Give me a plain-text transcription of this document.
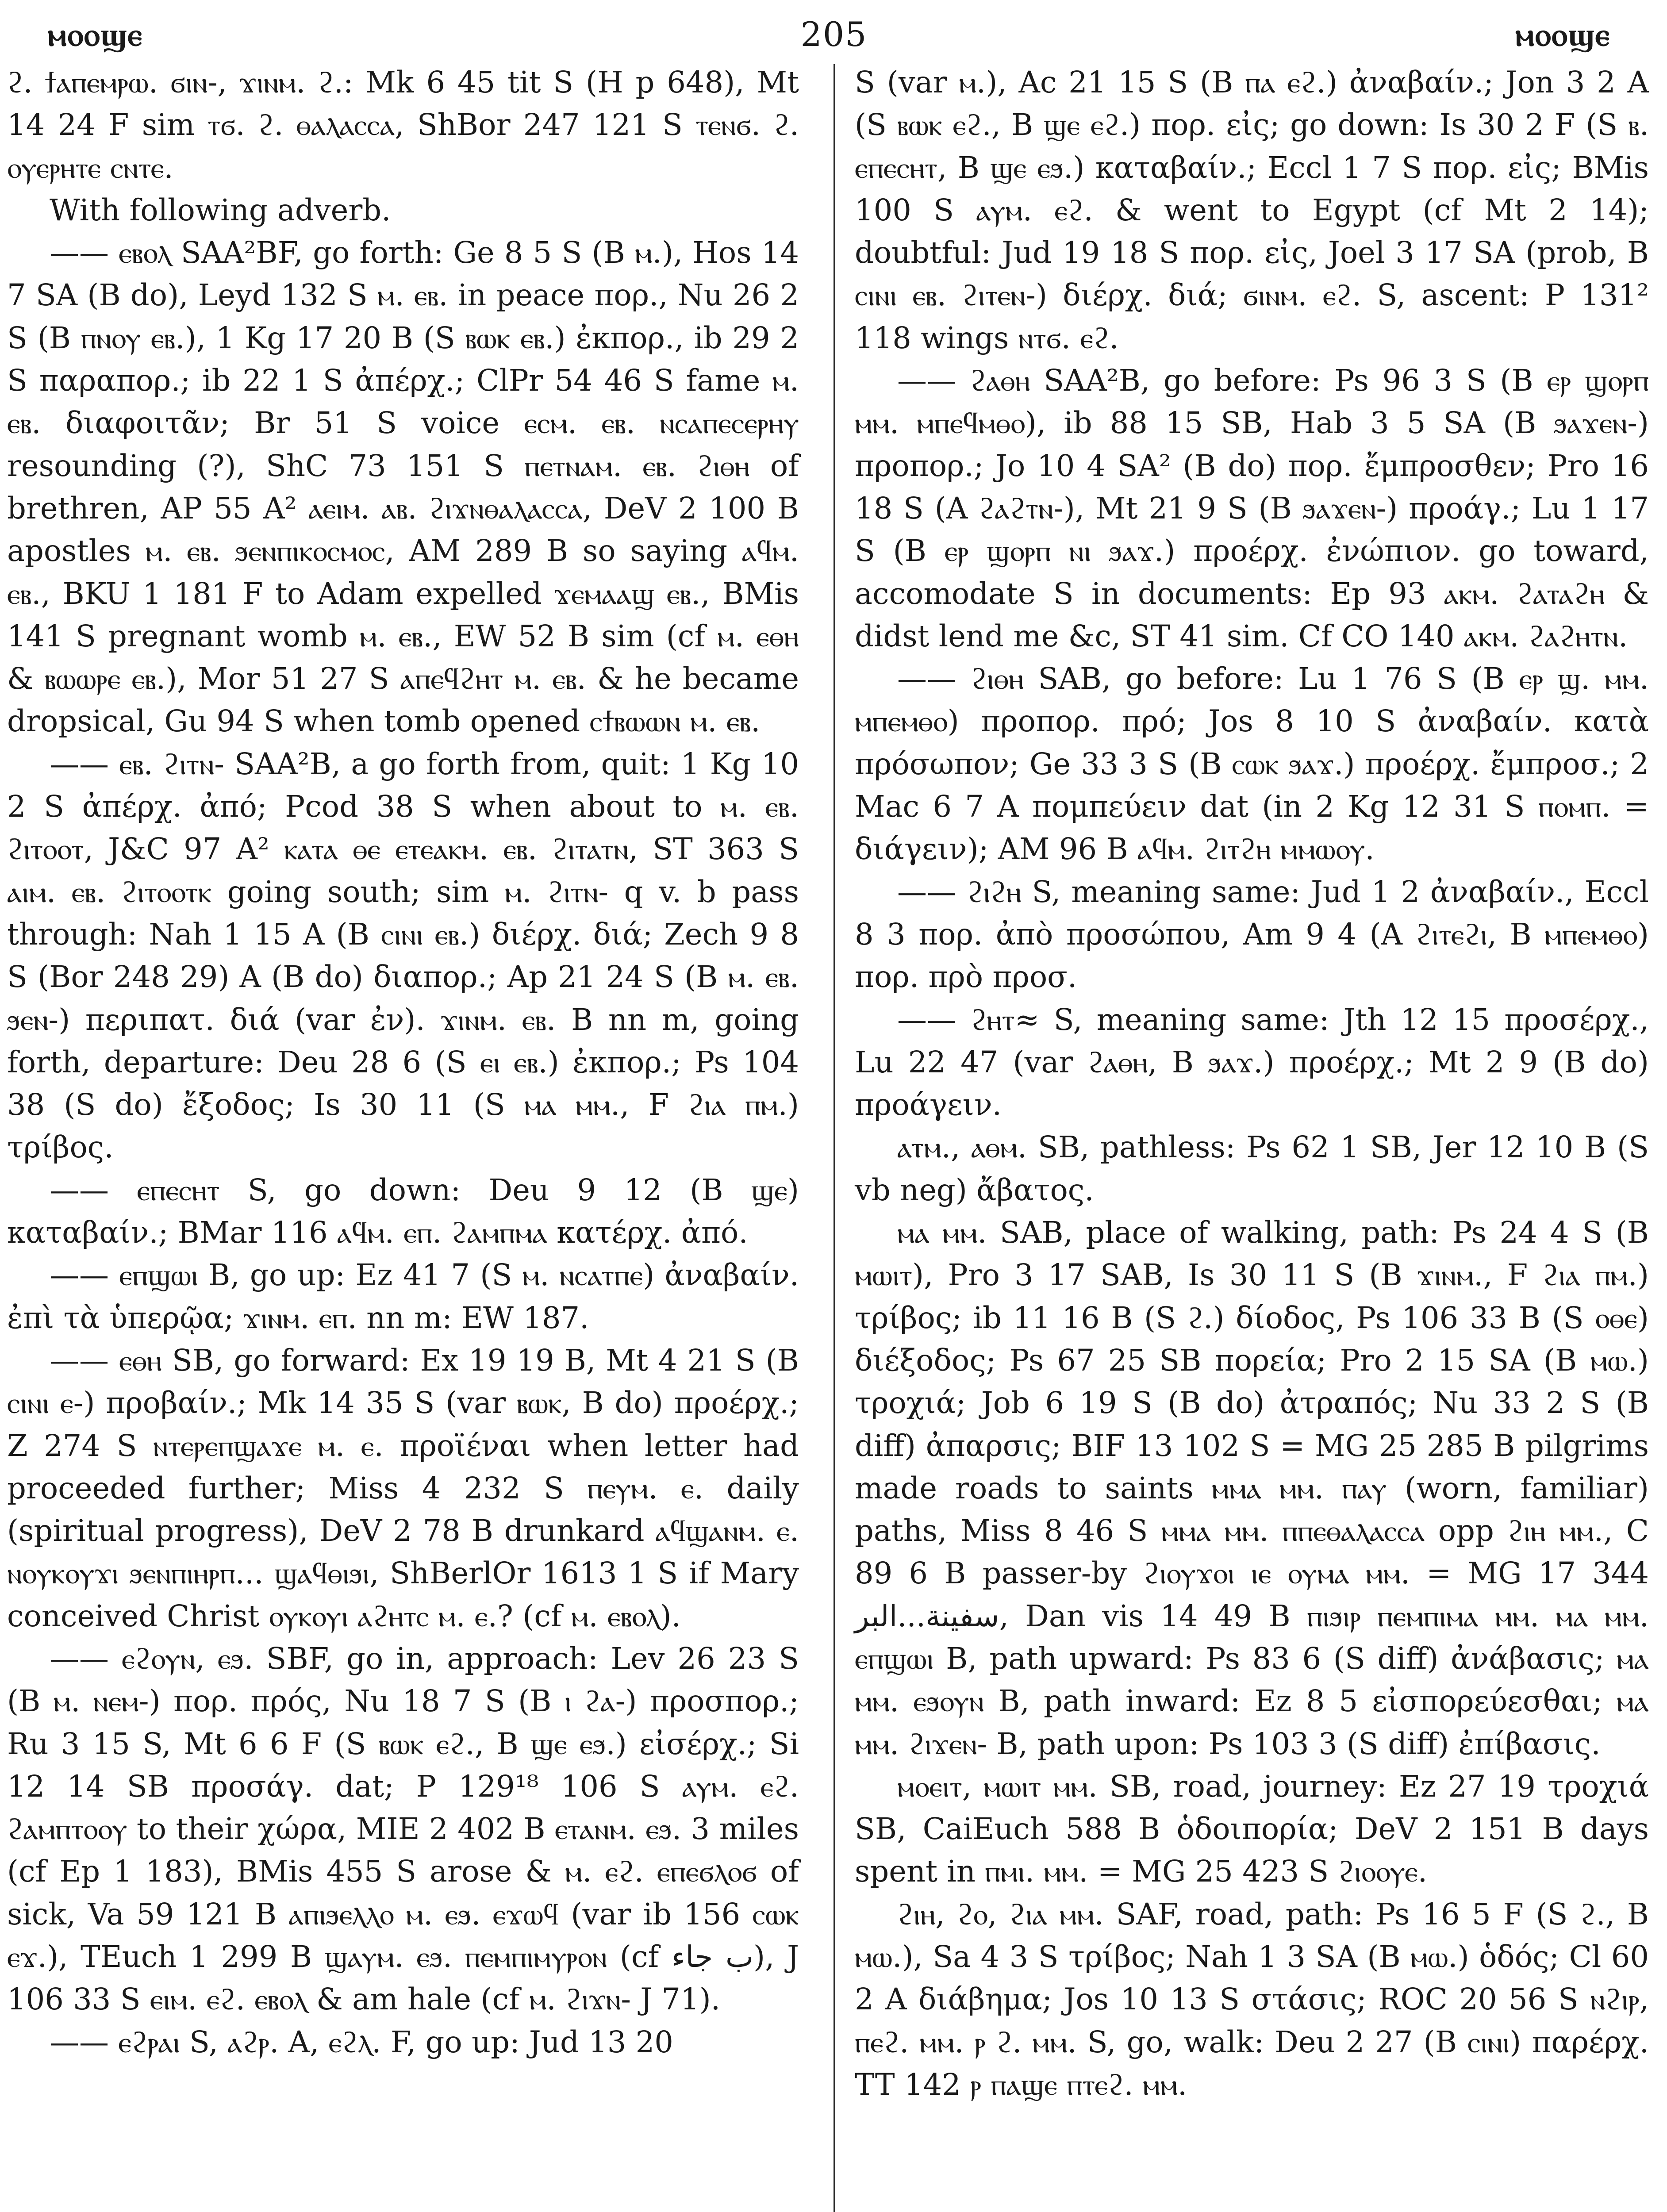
ⲙⲟⲟϣⲉ	205	ⲙⲟⲟϣⲉ

ϩ. ϯⲁⲡⲉⲙⲣⲱ. ϭⲓⲛ-, ϫⲓⲛⲙ. ϩ.: Mk 6 45 tit S (H p 648), Mt 14 24 F sim ⲧϭ. ϩ. ⲑⲁⲗⲁⲥⲥⲁ, ShBor 247 121 S ⲧⲉⲛϭ. ϩ. ⲟⲩⲉⲣⲏⲧⲉ ⲥⲛⲧⲉ.

With following adverb.

—— ⲉⲃⲟⲗ SAA²BF, go forth: Ge 8 5 S (B ⲙ.), Hos 14 7 SA (B do), Leyd 132 S ⲙ. ⲉⲃ. in peace πορ., Nu 26 2 S (B ⲡⲛⲟⲩ ⲉⲃ.), 1 Kg 17 20 B (S ⲃⲱⲕ ⲉⲃ.) ἐκπορ., ib 29 2 S παραπορ.; ib 22 1 S ἀπέρχ.; ClPr 54 46 S fame ⲙ. ⲉⲃ. διαφοιτᾶν; Br 51 S voice ⲉⲥⲙ. ⲉⲃ. ⲛⲥⲁⲡⲉⲥⲉⲣⲏⲩ resounding (?), ShC 73 151 S ⲡⲉⲧⲛⲁⲙ. ⲉⲃ. ϩⲓⲑⲏ of brethren, AP 55 A² ⲁⲉⲓⲙ. ⲁⲃ. ϩⲓϫⲛⲑⲁⲗⲁⲥⲥⲁ, DeV 2 100 B apostles ⲙ. ⲉⲃ. ϧⲉⲛⲡⲓⲕⲟⲥⲙⲟⲥ, AM 289 B so saying ⲁϥⲙ. ⲉⲃ., BKU 1 181 F to Adam expelled ϫⲉⲙⲁⲁϣ ⲉⲃ., BMis 141 S pregnant womb ⲙ. ⲉⲃ., EW 52 B sim (cf ⲙ. ⲉⲑⲏ & ⲃⲱⲱⲣⲉ ⲉⲃ.), Mor 51 27 S ⲁⲡⲉϥϩⲏⲧ ⲙ. ⲉⲃ. & he became dropsical, Gu 94 S when tomb opened ⲥϯⲃⲱⲱⲛ ⲙ. ⲉⲃ.

—— ⲉⲃ. ϩⲓⲧⲛ- SAA²B, a go forth from, quit: 1 Kg 10 2 S ἀπέρχ. ἀπό; Pcod 38 S when about to ⲙ. ⲉⲃ. ϩⲓⲧⲟⲟⲧ, J&C 97 A² ⲕⲁⲧⲁ ⲑⲉ ⲉⲧⲉⲁⲕⲙ. ⲉⲃ. ϩⲓⲧⲁⲧⲛ, ST 363 S ⲁⲓⲙ. ⲉⲃ. ϩⲓⲧⲟⲟⲧⲕ going south; sim ⲙ. ϩⲓⲧⲛ- q v. b pass through: Nah 1 15 A (B ⲥⲓⲛⲓ ⲉⲃ.) διέρχ. διά; Zech 9 8 S (Bor 248 29) A (B do) διαπορ.; Ap 21 24 S (B ⲙ. ⲉⲃ. ϧⲉⲛ-) περιπατ. διά (var ἐν). ϫⲓⲛⲙ. ⲉⲃ. B nn m, going forth, departure: Deu 28 6 (S ⲉⲓ ⲉⲃ.) ἐκπορ.; Ps 104 38 (S do) ἔξοδος; Is 30 11 (S ⲙⲁ ⲙⲙ., F ϩⲓⲁ ⲡⲙ.) τρίβος.

—— ⲉⲡⲉⲥⲏⲧ S, go down: Deu 9 12 (B ϣⲉ) καταβαίν.; BMar 116 ⲁϥⲙ. ⲉⲡ. ϩⲁⲙⲡⲙⲁ κατέρχ. ἀπό.

—— ⲉⲡϣⲱⲓ B, go up: Ez 41 7 (S ⲙ. ⲛⲥⲁⲧⲡⲉ) ἀναβαίν. ἐπὶ τὰ ὑπερῷα; ϫⲓⲛⲙ. ⲉⲡ. nn m: EW 187.

—— ⲉⲑⲏ SB, go forward: Ex 19 19 B, Mt 4 21 S (B ⲥⲓⲛⲓ ⲉ-) προβαίν.; Mk 14 35 S (var ⲃⲱⲕ, B do) προέρχ.; Z 274 S ⲛⲧⲉⲣⲉⲡϣⲁϫⲉ ⲙ. ⲉ. προϊέναι when letter had proceeded further; Miss 4 232 S ⲡⲉⲩⲙ. ⲉ. daily (spiritual progress), DeV 2 78 B drunkard ⲁϥϣⲁⲛⲙ. ⲉ. ⲛⲟⲩⲕⲟⲩϫⲓ ϧⲉⲛⲡⲓⲏⲣⲡ... ϣⲁϥⲑⲓϧⲓ, ShBerlOr 1613 1 S if Mary conceived Christ ⲟⲩⲕⲟⲩⲓ ⲁϩⲏⲧⲥ ⲙ. ⲉ.? (cf ⲙ. ⲉⲃⲟⲗ).

—— ⲉϩⲟⲩⲛ, ⲉϧ. SBF, go in, approach: Lev 26 23 S (B ⲙ. ⲛⲉⲙ-) πορ. πρός, Nu 18 7 S (B ⲓ ϩⲁ-) προσπορ.; Ru 3 15 S, Mt 6 6 F (S ⲃⲱⲕ ⲉϩ., B ϣⲉ ⲉϧ.) εἰσέρχ.; Si 12 14 SB προσάγ. dat; P 129¹⁸ 106 S ⲁⲩⲙ. ⲉϩ. ϩⲁⲙⲡⲧⲟⲟⲩ to their χώρα, MIE 2 402 B ⲉⲧⲁⲛⲙ. ⲉϧ. 3 miles (cf Ep 1 183), BMis 455 S arose & ⲙ. ⲉϩ. ⲉⲡⲉϭⲗⲟϭ of sick, Va 59 121 B ⲁⲡⲓϧⲉⲗⲗⲟ ⲙ. ⲉϧ. ⲉϫⲱϥ (var ib 156 ⲥⲱⲕ ⲉϫ.), TEuch 1 299 B ϣⲁⲩⲙ. ⲉϧ. ⲡⲉⲙⲡⲓⲙⲩⲣⲟⲛ (cf ب جاء), J 106 33 S ⲉⲓⲙ. ⲉϩ. ⲉⲃⲟⲗ & am hale (cf ⲙ. ϩⲓϫⲛ- J 71).

—— ⲉϩⲣⲁⲓ S, ⲁϩⲣ. A, ⲉϩⲗ. F, go up: Jud 13 20

S (var ⲙ.), Ac 21 15 S (B ⲡⲁ ⲉϩ.) ἀναβαίν.; Jon 3 2 A (S ⲃⲱⲕ ⲉϩ., B ϣⲉ ⲉϩ.) πορ. εἰς; go down: Is 30 2 F (S ⲃ. ⲉⲡⲉⲥⲏⲧ, B ϣⲉ ⲉϧ.) καταβαίν.; Eccl 1 7 S πορ. εἰς; BMis 100 S ⲁⲩⲙ. ⲉϩ. & went to Egypt (cf Mt 2 14); doubtful: Jud 19 18 S πορ. εἰς, Joel 3 17 SA (prob, B ⲥⲓⲛⲓ ⲉⲃ. ϩⲓⲧⲉⲛ-) διέρχ. διά; ϭⲓⲛⲙ. ⲉϩ. S, ascent: P 131² 118 wings ⲛⲧϭ. ⲉϩ.

—— ϩⲁⲑⲏ SAA²B, go before: Ps 96 3 S (B ⲉⲣ ϣⲟⲣⲡ ⲙⲙ. ⲙⲡⲉϥⲙⲑⲟ), ib 88 15 SB, Hab 3 5 SA (B ϧⲁϫⲉⲛ-) προπορ.; Jo 10 4 SA² (B do) πορ. ἔμπροσθεν; Pro 16 18 S (A ϩⲁϩⲧⲛ-), Mt 21 9 S (B ϧⲁϫⲉⲛ-) προάγ.; Lu 1 17 S (B ⲉⲣ ϣⲟⲣⲡ ⲛⲓ ϧⲁϫ.) προέρχ. ἐνώπιον. go toward, accomodate S in documents: Ep 93 ⲁⲕⲙ. ϩⲁⲧⲁϩⲏ & didst lend me &c, ST 41 sim. Cf CO 140 ⲁⲕⲙ. ϩⲁϩⲏⲧⲛ.

—— ϩⲓⲑⲏ SAB, go before: Lu 1 76 S (B ⲉⲣ ϣ. ⲙⲙ. ⲙⲡⲉⲙⲑⲟ) προπορ. πρό; Jos 8 10 S ἀναβαίν. κατὰ πρόσωπον; Ge 33 3 S (B ⲥⲱⲕ ϧⲁϫ.) προέρχ. ἔμπροσ.; 2 Mac 6 7 A πομπεύειν dat (in 2 Kg 12 31 S ⲡⲟⲙⲡ. = διάγειν); AM 96 B ⲁϥⲙ. ϩⲓⲧϩⲏ ⲙⲙⲱⲟⲩ.

—— ϩⲓϩⲏ S, meaning same: Jud 1 2 ἀναβαίν., Eccl 8 3 πορ. ἀπὸ προσώπου, Am 9 4 (A ϩⲓⲧⲉϩⲓ, B ⲙⲡⲉⲙⲑⲟ) πορ. πρὸ προσ.

—— ϩⲏⲧ≈ S, meaning same: Jth 12 15 προσέρχ., Lu 22 47 (var ϩⲁⲑⲏ, B ϧⲁϫ.) προέρχ.; Mt 2 9 (B do) προάγειν.

ⲁⲧⲙ., ⲁⲑⲙ. SB, pathless: Ps 62 1 SB, Jer 12 10 B (S vb neg) ἄβατος.

ⲙⲁ ⲙⲙ. SAB, place of walking, path: Ps 24 4 S (B ⲙⲱⲓⲧ), Pro 3 17 SAB, Is 30 11 S (B ϫⲓⲛⲙ., F ϩⲓⲁ ⲡⲙ.) τρίβος; ib 11 16 B (S ϩ.) δίοδος, Ps 106 33 B (S ⲟⲑⲉ) διέξοδος; Ps 67 25 SB πορεία; Pro 2 15 SA (B ⲙⲱ.) τροχιά; Job 6 19 S (B do) ἀτραπός; Nu 33 2 S (B diff) ἀπαρσις; BIF 13 102 S = MG 25 285 B pilgrims made roads to saints ⲙⲙⲁ ⲙⲙ. ⲡⲁⲩ (worn, familiar) paths, Miss 8 46 S ⲙⲙⲁ ⲙⲙ. ⲡⲡⲉⲑⲁⲗⲁⲥⲥⲁ opp ϩⲓⲏ ⲙⲙ., C 89 6 B passer-by ϩⲓⲟⲩϫⲟⲓ ⲓⲉ ⲟⲩⲙⲁ ⲙⲙ. = MG 17 344 سفينة...البر, Dan vis 14 49 B ⲡⲓϧⲓⲣ ⲡⲉⲙⲡⲓⲙⲁ ⲙⲙ. ⲙⲁ ⲙⲙ. ⲉⲡϣⲱⲓ B, path upward: Ps 83 6 (S diff) ἀνάβασις; ⲙⲁ ⲙⲙ. ⲉϧⲟⲩⲛ B, path inward: Ez 8 5 εἰσπορεύεσθαι; ⲙⲁ ⲙⲙ. ϩⲓϫⲉⲛ- B, path upon: Ps 103 3 (S diff) ἐπίβασις.

ⲙⲟⲉⲓⲧ, ⲙⲱⲓⲧ ⲙⲙ. SB, road, journey: Ez 27 19 τροχιά SB, CaiEuch 588 B ὁδοιπορία; DeV 2 151 B days spent in ⲡⲙⲓ. ⲙⲙ. = MG 25 423 S ϩⲓⲟⲟⲩⲉ.

ϩⲓⲏ, ϩⲟ, ϩⲓⲁ ⲙⲙ. SAF, road, path: Ps 16 5 F (S ϩ., B ⲙⲱ.), Sa 4 3 S τρίβος; Nah 1 3 SA (B ⲙⲱ.) ὁδός; Cl 60 2 A διάβημα; Jos 10 13 S στάσις; ROC 20 56 S ⲛϩⲓⲣ, ⲡⲉϩ. ⲙⲙ. ⲣ ϩ. ⲙⲙ. S, go, walk: Deu 2 27 (B ⲥⲓⲛⲓ) παρέρχ. TT 142 ⲣ ⲡⲁϣⲉ ⲡⲧⲉϩ. ⲙⲙ.
